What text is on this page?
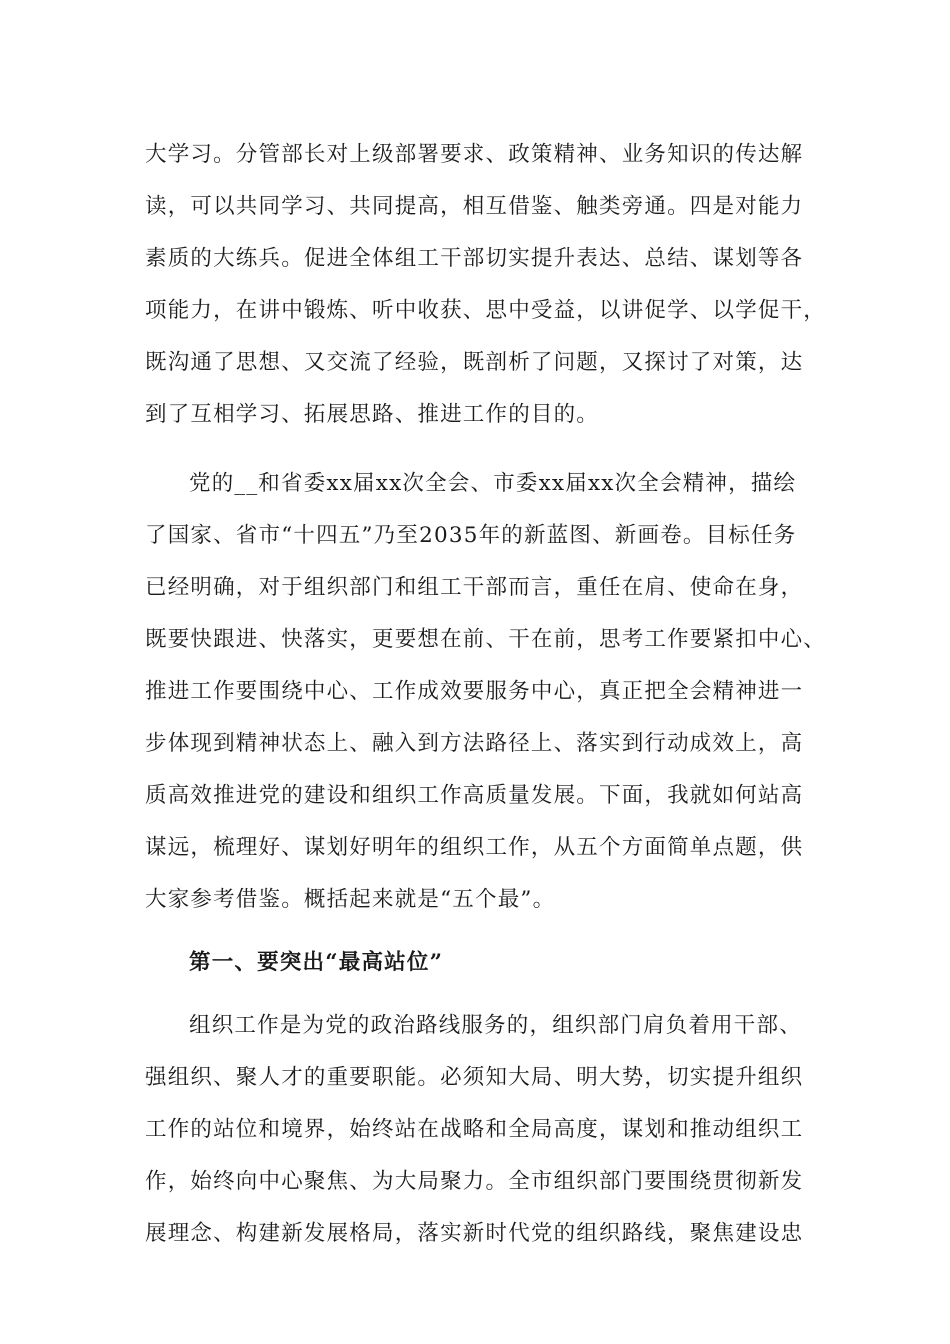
大学习。分管部长对上级部署要求、政策精神、业务知识的传达解
读，可以共同学习、共同提高，相互借鉴、触类旁通。四是对能力
素质的大练兵。促进全体组工干部切实提升表达、总结、谋划等各
项能力，在讲中锻炼、听中收获、思中受益，以讲促学、以学促干，
既沟通了思想、又交流了经验，既剖析了问题，又探讨了对策，达
到了互相学习、拓展思路、推进工作的目的。
党的__和省委xx届xx次全会、市委xx届xx次全会精神，描绘
了国家、省市“十四五”乃至2035年的新蓝图、新画卷。目标任务
已经明确，对于组织部门和组工干部而言，重任在肩、使命在身，
既要快跟进、快落实，更要想在前、干在前，思考工作要紧扣中心、
推进工作要围绕中心、工作成效要服务中心，真正把全会精神进一
步体现到精神状态上、融入到方法路径上、落实到行动成效上，高
质高效推进党的建设和组织工作高质量发展。下面，我就如何站高
谋远，梳理好、谋划好明年的组织工作，从五个方面简单点题，供
大家参考借鉴。概括起来就是“五个最”。
第一、要突出“最高站位”
组织工作是为党的政治路线服务的，组织部门肩负着用干部、
强组织、聚人才的重要职能。必须知大局、明大势，切实提升组织
工作的站位和境界，始终站在战略和全局高度，谋划和推动组织工
作，始终向中心聚焦、为大局聚力。全市组织部门要围绕贯彻新发
展理念、构建新发展格局，落实新时代党的组织路线，聚焦建设忠
